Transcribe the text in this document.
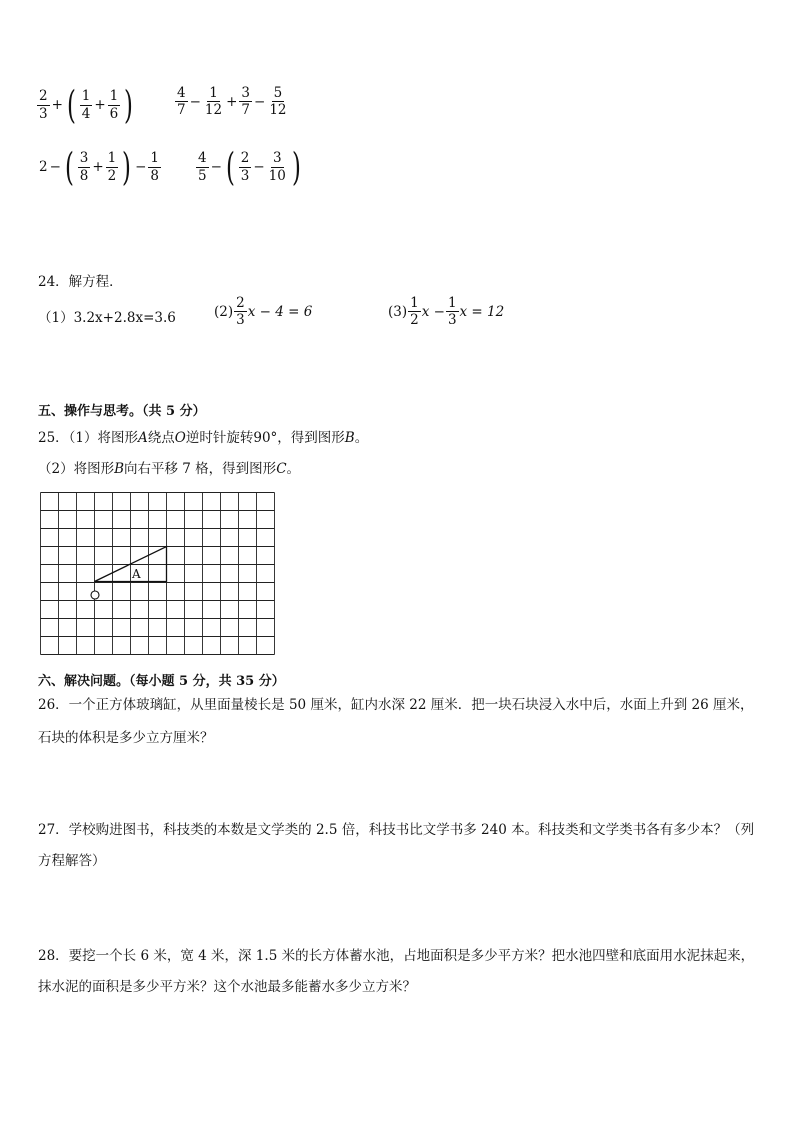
$\frac{2}{3}$ + ( $\frac{1}{4} + \frac{1}{6}$ )	$\frac{4}{7} - \frac{1}{12} + \frac{3}{7} - \frac{5}{12}$
2 − ( $\frac{3}{8} + \frac{1}{2}$ ) − $\frac{1}{8}$	$\frac{4}{5}$ − ( $\frac{2}{3} - \frac{3}{10}$ )
24．解方程．
（1）3.2x+2.8x=3.6	$(2) \frac{2}{3}$ x − 4 = 6	$(3) \frac{1}{2}$ $x - \frac{1}{3}$ x = 12
五、操作与思考。（共 5 分）
25．（1）将图形A绕点O逆时针旋转90°，得到图形B。
（2）将图形B向右平移 7 格，得到图形C。
A
六、解决问题。（每小题 5 分，共 35 分）
26．一个正方体玻璃缸，从里面量棱长是 50 厘米，缸内水深 22 厘米．把一块石块浸入水中后，水面上升到 26 厘米，
石块的体积是多少立方厘米？
27．学校购进图书，科技类的本数是文学类的 2.5 倍，科技书比文学书多 240 本。科技类和文学类书各有多少本？（列
方程解答）
28．要挖一个长 6 米，宽 4 米，深 1.5 米的长方体蓄水池，占地面积是多少平方米？把水池四壁和底面用水泥抹起来，
抹水泥的面积是多少平方米？这个水池最多能蓄水多少立方米？
